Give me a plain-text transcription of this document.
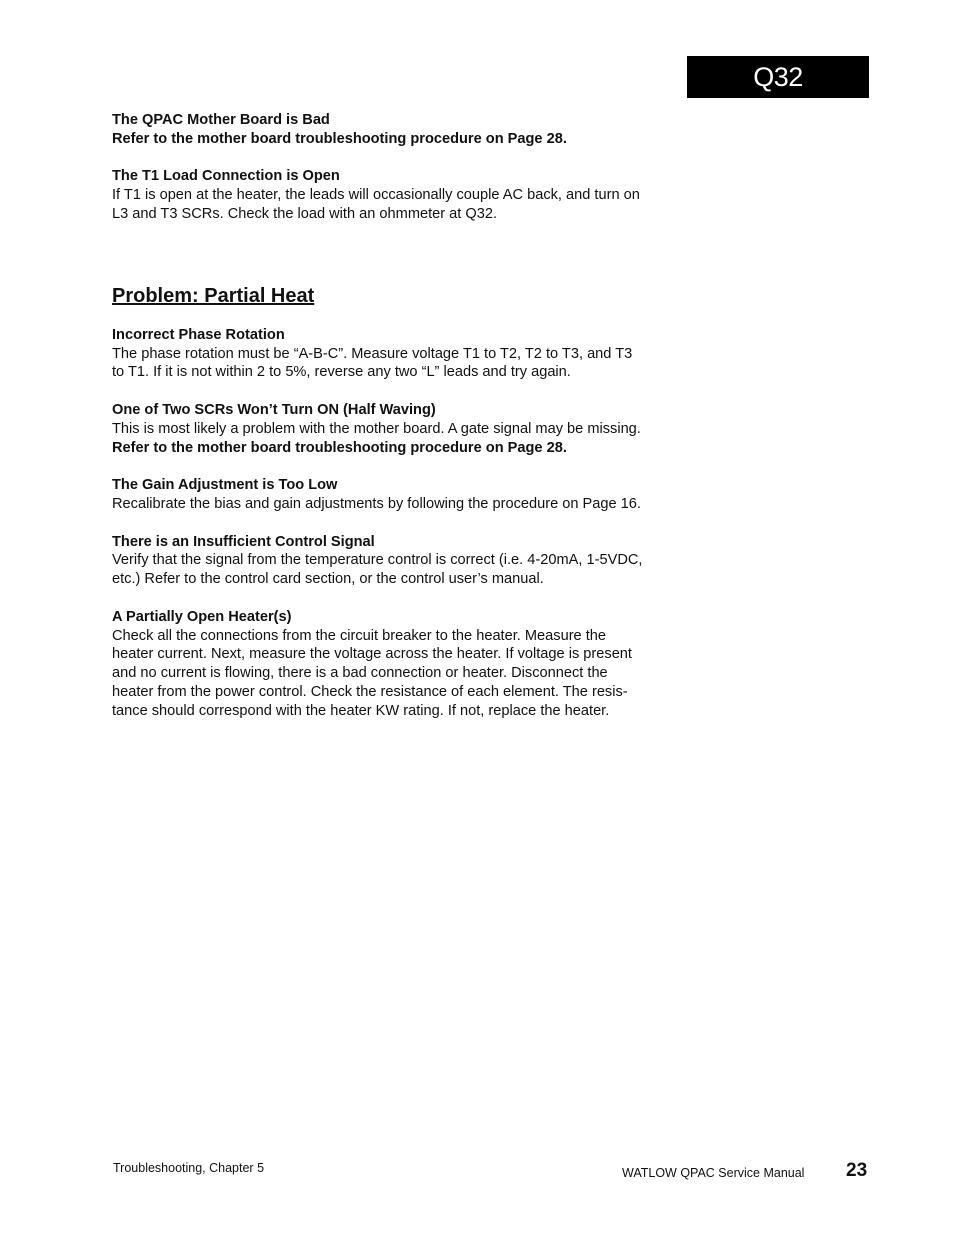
Q32

The QPAC Mother Board is Bad

Refer to the mother board troubleshooting procedure on Page 28.

The T1 Load Connection is Open

If T1 is open at the heater, the leads will occasionally couple AC back, and turn on

L3 and T3 SCRs. Check the load with an ohmmeter at Q32.

Problem: Partial Heat

Incorrect Phase Rotation

The phase rotation must be “A-B-C”. Measure voltage T1 to T2, T2 to T3, and T3

to T1. If it is not within 2 to 5%, reverse any two “L” leads and try again.

One of Two SCRs Won’t Turn ON (Half Waving)

This is most likely a problem with the mother board. A gate signal may be missing.

Refer to the mother board troubleshooting procedure on Page 28.

The Gain Adjustment is Too Low

Recalibrate the bias and gain adjustments by following the procedure on Page 16.

There is an Insufficient Control Signal

Verify that the signal from the temperature control is correct (i.e. 4-20mA, 1-5VDC,

etc.) Refer to the control card section, or the control user’s manual.

A Partially Open Heater(s)

Check all the connections from the circuit breaker to the heater. Measure the

heater current. Next, measure the voltage across the heater. If voltage is present

and no current is flowing, there is a bad connection or heater. Disconnect the

heater from the power control. Check the resistance of each element. The resis-

tance should correspond with the heater KW rating. If not, replace the heater.

Troubleshooting, Chapter 5	WATLOW QPAC Service Manual 23
